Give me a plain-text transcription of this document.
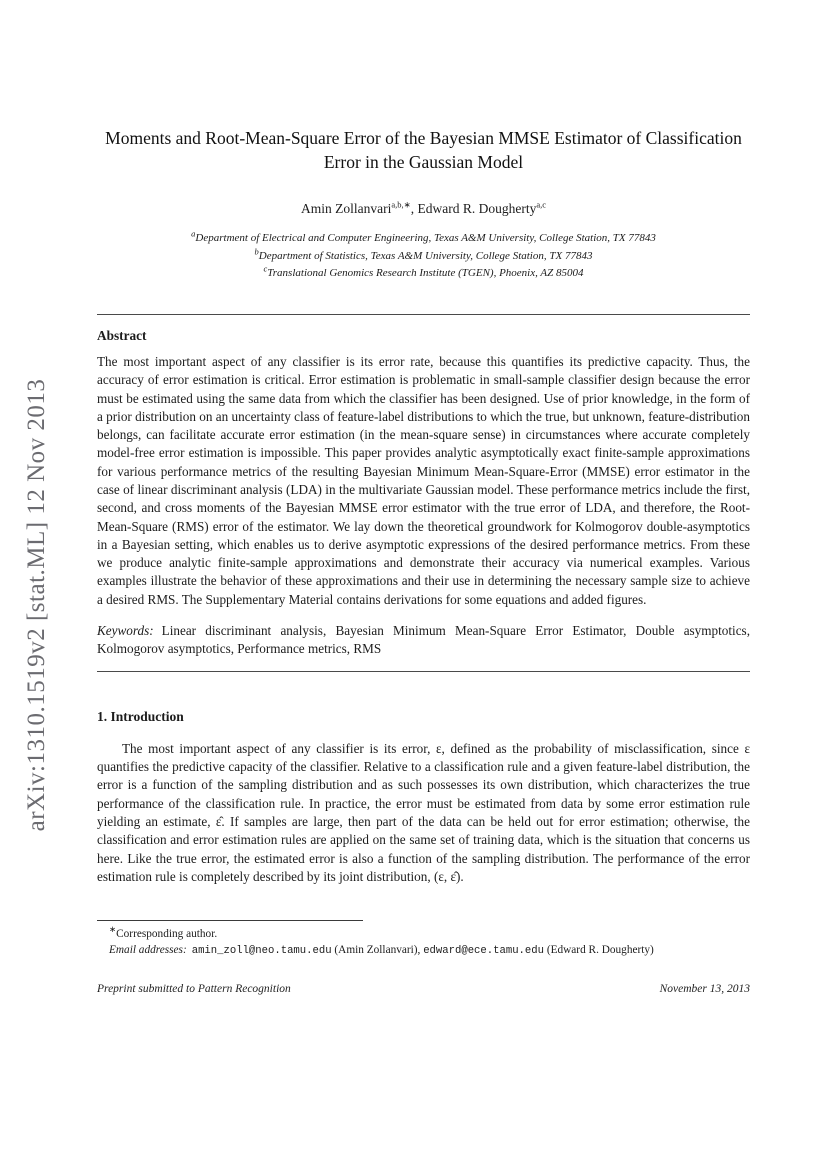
arXiv:1310.1519v2 [stat.ML] 12 Nov 2013
Moments and Root-Mean-Square Error of the Bayesian MMSE Estimator of Classification Error in the Gaussian Model
Amin Zollanvari$^{a,b,∗}$, Edward R. Dougherty$^{a,c}$
$^a$Department of Electrical and Computer Engineering, Texas A&M University, College Station, TX 77843
$^b$Department of Statistics, Texas A&M University, College Station, TX 77843
$^c$Translational Genomics Research Institute (TGEN), Phoenix, AZ 85004
Abstract

The most important aspect of any classifier is its error rate, because this quantifies its predictive capacity. Thus, the accuracy of error estimation is critical. Error estimation is problematic in small-sample classifier design because the error must be estimated using the same data from which the classifier has been designed. Use of prior knowledge, in the form of a prior distribution on an uncertainty class of feature-label distributions to which the true, but unknown, feature-distribution belongs, can facilitate accurate error estimation (in the mean-square sense) in circumstances where accurate completely model-free error estimation is impossible. This paper provides analytic asymptotically exact finite-sample approximations for various performance metrics of the resulting Bayesian Minimum Mean-Square-Error (MMSE) error estimator in the case of linear discriminant analysis (LDA) in the multivariate Gaussian model. These performance metrics include the first, second, and cross moments of the Bayesian MMSE error estimator with the true error of LDA, and therefore, the Root-Mean-Square (RMS) error of the estimator. We lay down the theoretical groundwork for Kolmogorov double-asymptotics in a Bayesian setting, which enables us to derive asymptotic expressions of the desired performance metrics. From these we produce analytic finite-sample approximations and demonstrate their accuracy via numerical examples. Various examples illustrate the behavior of these approximations and their use in determining the necessary sample size to achieve a desired RMS. The Supplementary Material contains derivations for some equations and added figures.

Keywords: Linear discriminant analysis, Bayesian Minimum Mean-Square Error Estimator, Double asymptotics, Kolmogorov asymptotics, Performance metrics, RMS

1. Introduction

The most important aspect of any classifier is its error, ε, defined as the probability of misclassification, since ε quantifies the predictive capacity of the classifier. Relative to a classification rule and a given feature-label distribution, the error is a function of the sampling distribution and as such possesses its own distribution, which characterizes the true performance of the classification rule. In practice, the error must be estimated from data by some error estimation rule yielding an estimate, ε̂. If samples are large, then part of the data can be held out for error estimation; otherwise, the classification and error estimation rules are applied on the same set of training data, which is the situation that concerns us here. Like the true error, the estimated error is also a function of the sampling distribution. The performance of the error estimation rule is completely described by its joint distribution, (ε, ε̂).

∗Corresponding author.
Email addresses: amin_zoll@neo.tamu.edu (Amin Zollanvari), edward@ece.tamu.edu (Edward R. Dougherty)
Preprint submitted to Pattern Recognition	November 13, 2013
